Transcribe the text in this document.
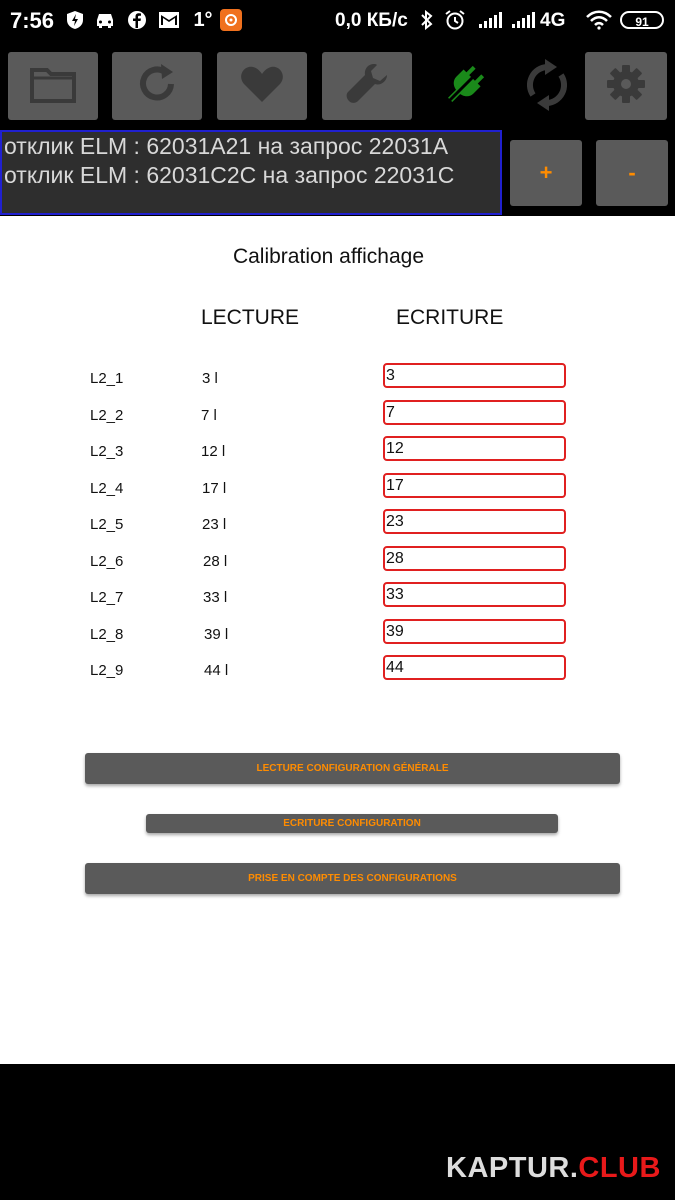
7:56	1°	0,0 КБ/с	4G	91
отклик ELM : 62031A21 на запрос 22031A
отклик ELM : 62031C2C на запрос 22031C	+	-
Calibration affichage
LECTURE	ECRITURE
L2_1	3 l	3
L2_2	7 l	7
L2_3	12 l	12
L2_4	17 l	17
L2_5	23 l	23
L2_6	28 l	28
L2_7	33 l	33
L2_8	39 l	39
L2_9	44 l	44
LECTURE CONFIGURATION GÉNÉRALE
ECRITURE CONFIGURATION
PRISE EN COMPTE DES CONFIGURATIONS
KAPTUR.CLUB
